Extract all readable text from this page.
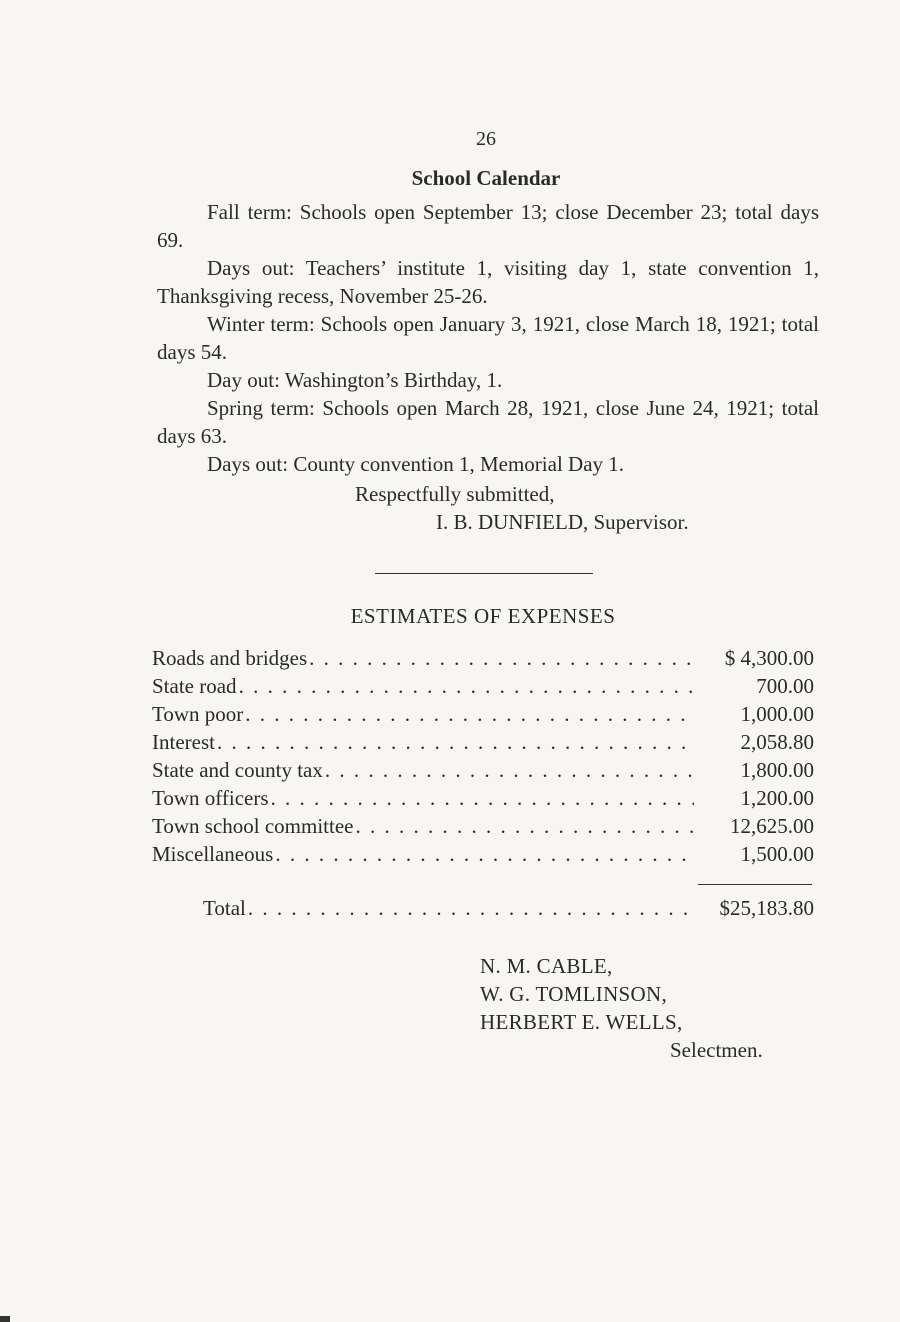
26
School Calendar

Fall term: Schools open September 13; close December 23; total days 69.

Days out: Teachers’ institute 1, visiting day 1, state convention 1, Thanksgiving recess, November 25-26.

Winter term: Schools open January 3, 1921, close March 18, 1921; total days 54.

Day out: Washington’s Birthday, 1.

Spring term: Schools open March 28, 1921, close June 24, 1921; total days 63.

Days out: County convention 1, Memorial Day 1.

Respectfully submitted,
I. B. DUNFIELD, Supervisor.
ESTIMATES OF EXPENSES
Roads and bridges . . .	$ 4,300.00
State road . . .	700.00
Town poor . . .	1,000.00
Interest . . .	2,058.80
State and county tax . . .	1,800.00
Town officers . . .	1,200.00
Town school committee . . .	12,625.00
Miscellaneous . . .	1,500.00
Total . . .	$25,183.80
N. M. CABLE,
W. G. TOMLINSON,
HERBERT E. WELLS,
Selectmen.
